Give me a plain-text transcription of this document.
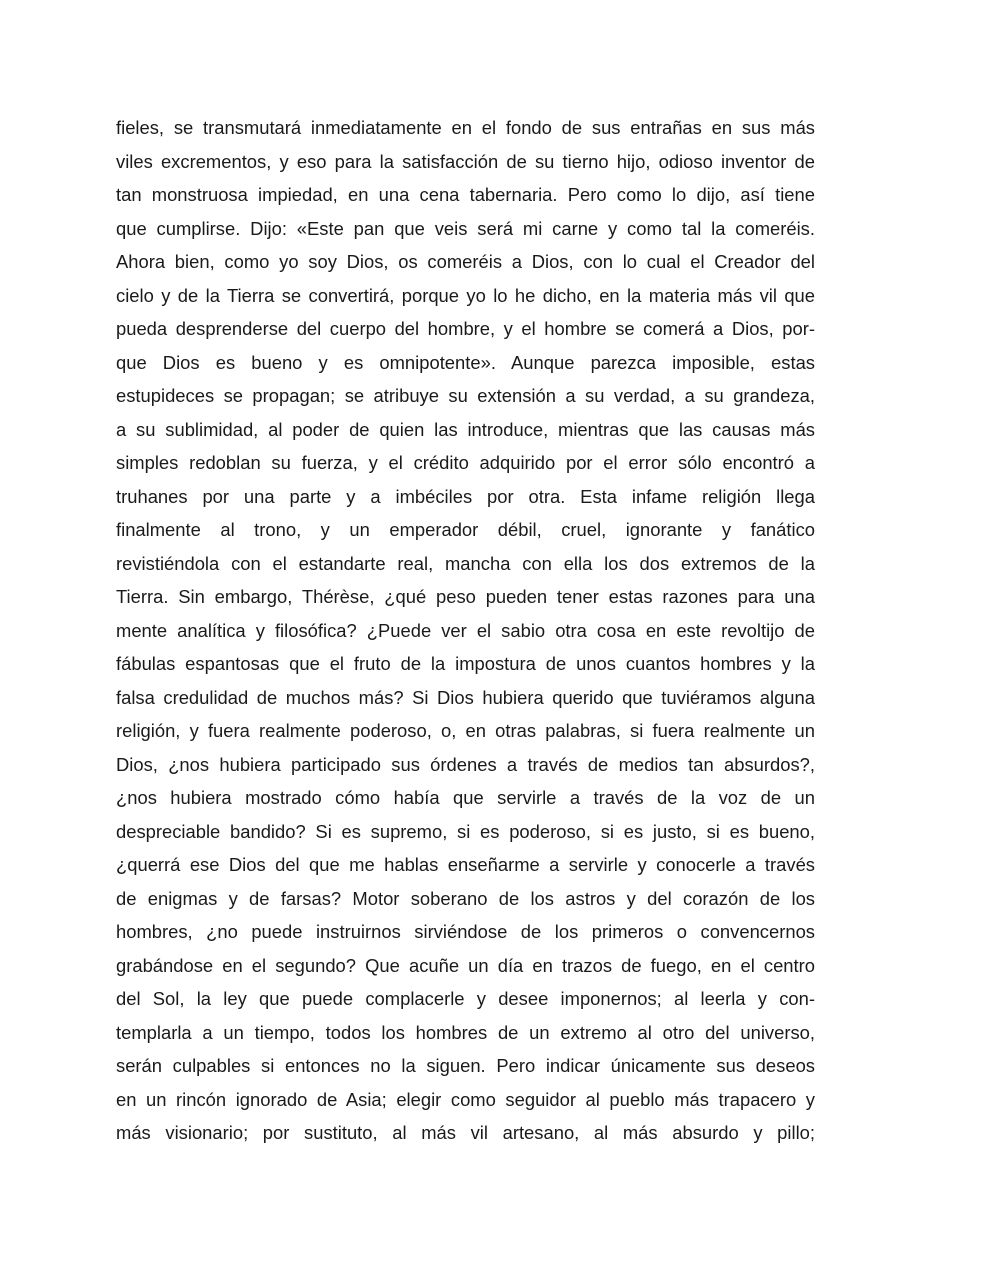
fieles, se transmutará inmediatamente en el fondo de sus entrañas en sus más
viles excrementos, y eso para la satisfacción de su tierno hijo, odioso inventor de
tan monstruosa impiedad, en una cena tabernaria. Pero como lo dijo, así tiene
que cumplirse. Dijo: «Este pan que veis será mi carne y como tal la comeréis.
Ahora bien, como yo soy Dios, os comeréis a Dios, con lo cual el Creador del
cielo y de la Tierra se convertirá, porque yo lo he dicho, en la materia más vil que
pueda desprenderse del cuerpo del hombre, y el hombre se comerá a Dios, por-
que Dios es bueno y es omnipotente». Aunque parezca imposible, estas
estupideces se propagan; se atribuye su extensión a su verdad, a su grandeza,
a su sublimidad, al poder de quien las introduce, mientras que las causas más
simples redoblan su fuerza, y el crédito adquirido por el error sólo encontró a
truhanes por una parte y a imbéciles por otra. Esta infame religión llega
finalmente al trono, y un emperador débil, cruel, ignorante y fanático
revistiéndola con el estandarte real, mancha con ella los dos extremos de la
Tierra. Sin embargo, Thérèse, ¿qué peso pueden tener estas razones para una
mente analítica y filosófica? ¿Puede ver el sabio otra cosa en este revoltijo de
fábulas espantosas que el fruto de la impostura de unos cuantos hombres y la
falsa credulidad de muchos más? Si Dios hubiera querido que tuviéramos alguna
religión, y fuera realmente poderoso, o, en otras palabras, si fuera realmente un
Dios, ¿nos hubiera participado sus órdenes a través de medios tan absurdos?,
¿nos hubiera mostrado cómo había que servirle a través de la voz de un
despreciable bandido? Si es supremo, si es poderoso, si es justo, si es bueno,
¿querrá ese Dios del que me hablas enseñarme a servirle y conocerle a través
de enigmas y de farsas? Motor soberano de los astros y del corazón de los
hombres, ¿no puede instruirnos sirviéndose de los primeros o convencernos
grabándose en el segundo? Que acuñe un día en trazos de fuego, en el centro
del Sol, la ley que puede complacerle y desee imponernos; al leerla y con-
templarla a un tiempo, todos los hombres de un extremo al otro del universo,
serán culpables si entonces no la siguen. Pero indicar únicamente sus deseos
en un rincón ignorado de Asia; elegir como seguidor al pueblo más trapacero y
más visionario; por sustituto, al más vil artesano, al más absurdo y pillo;
